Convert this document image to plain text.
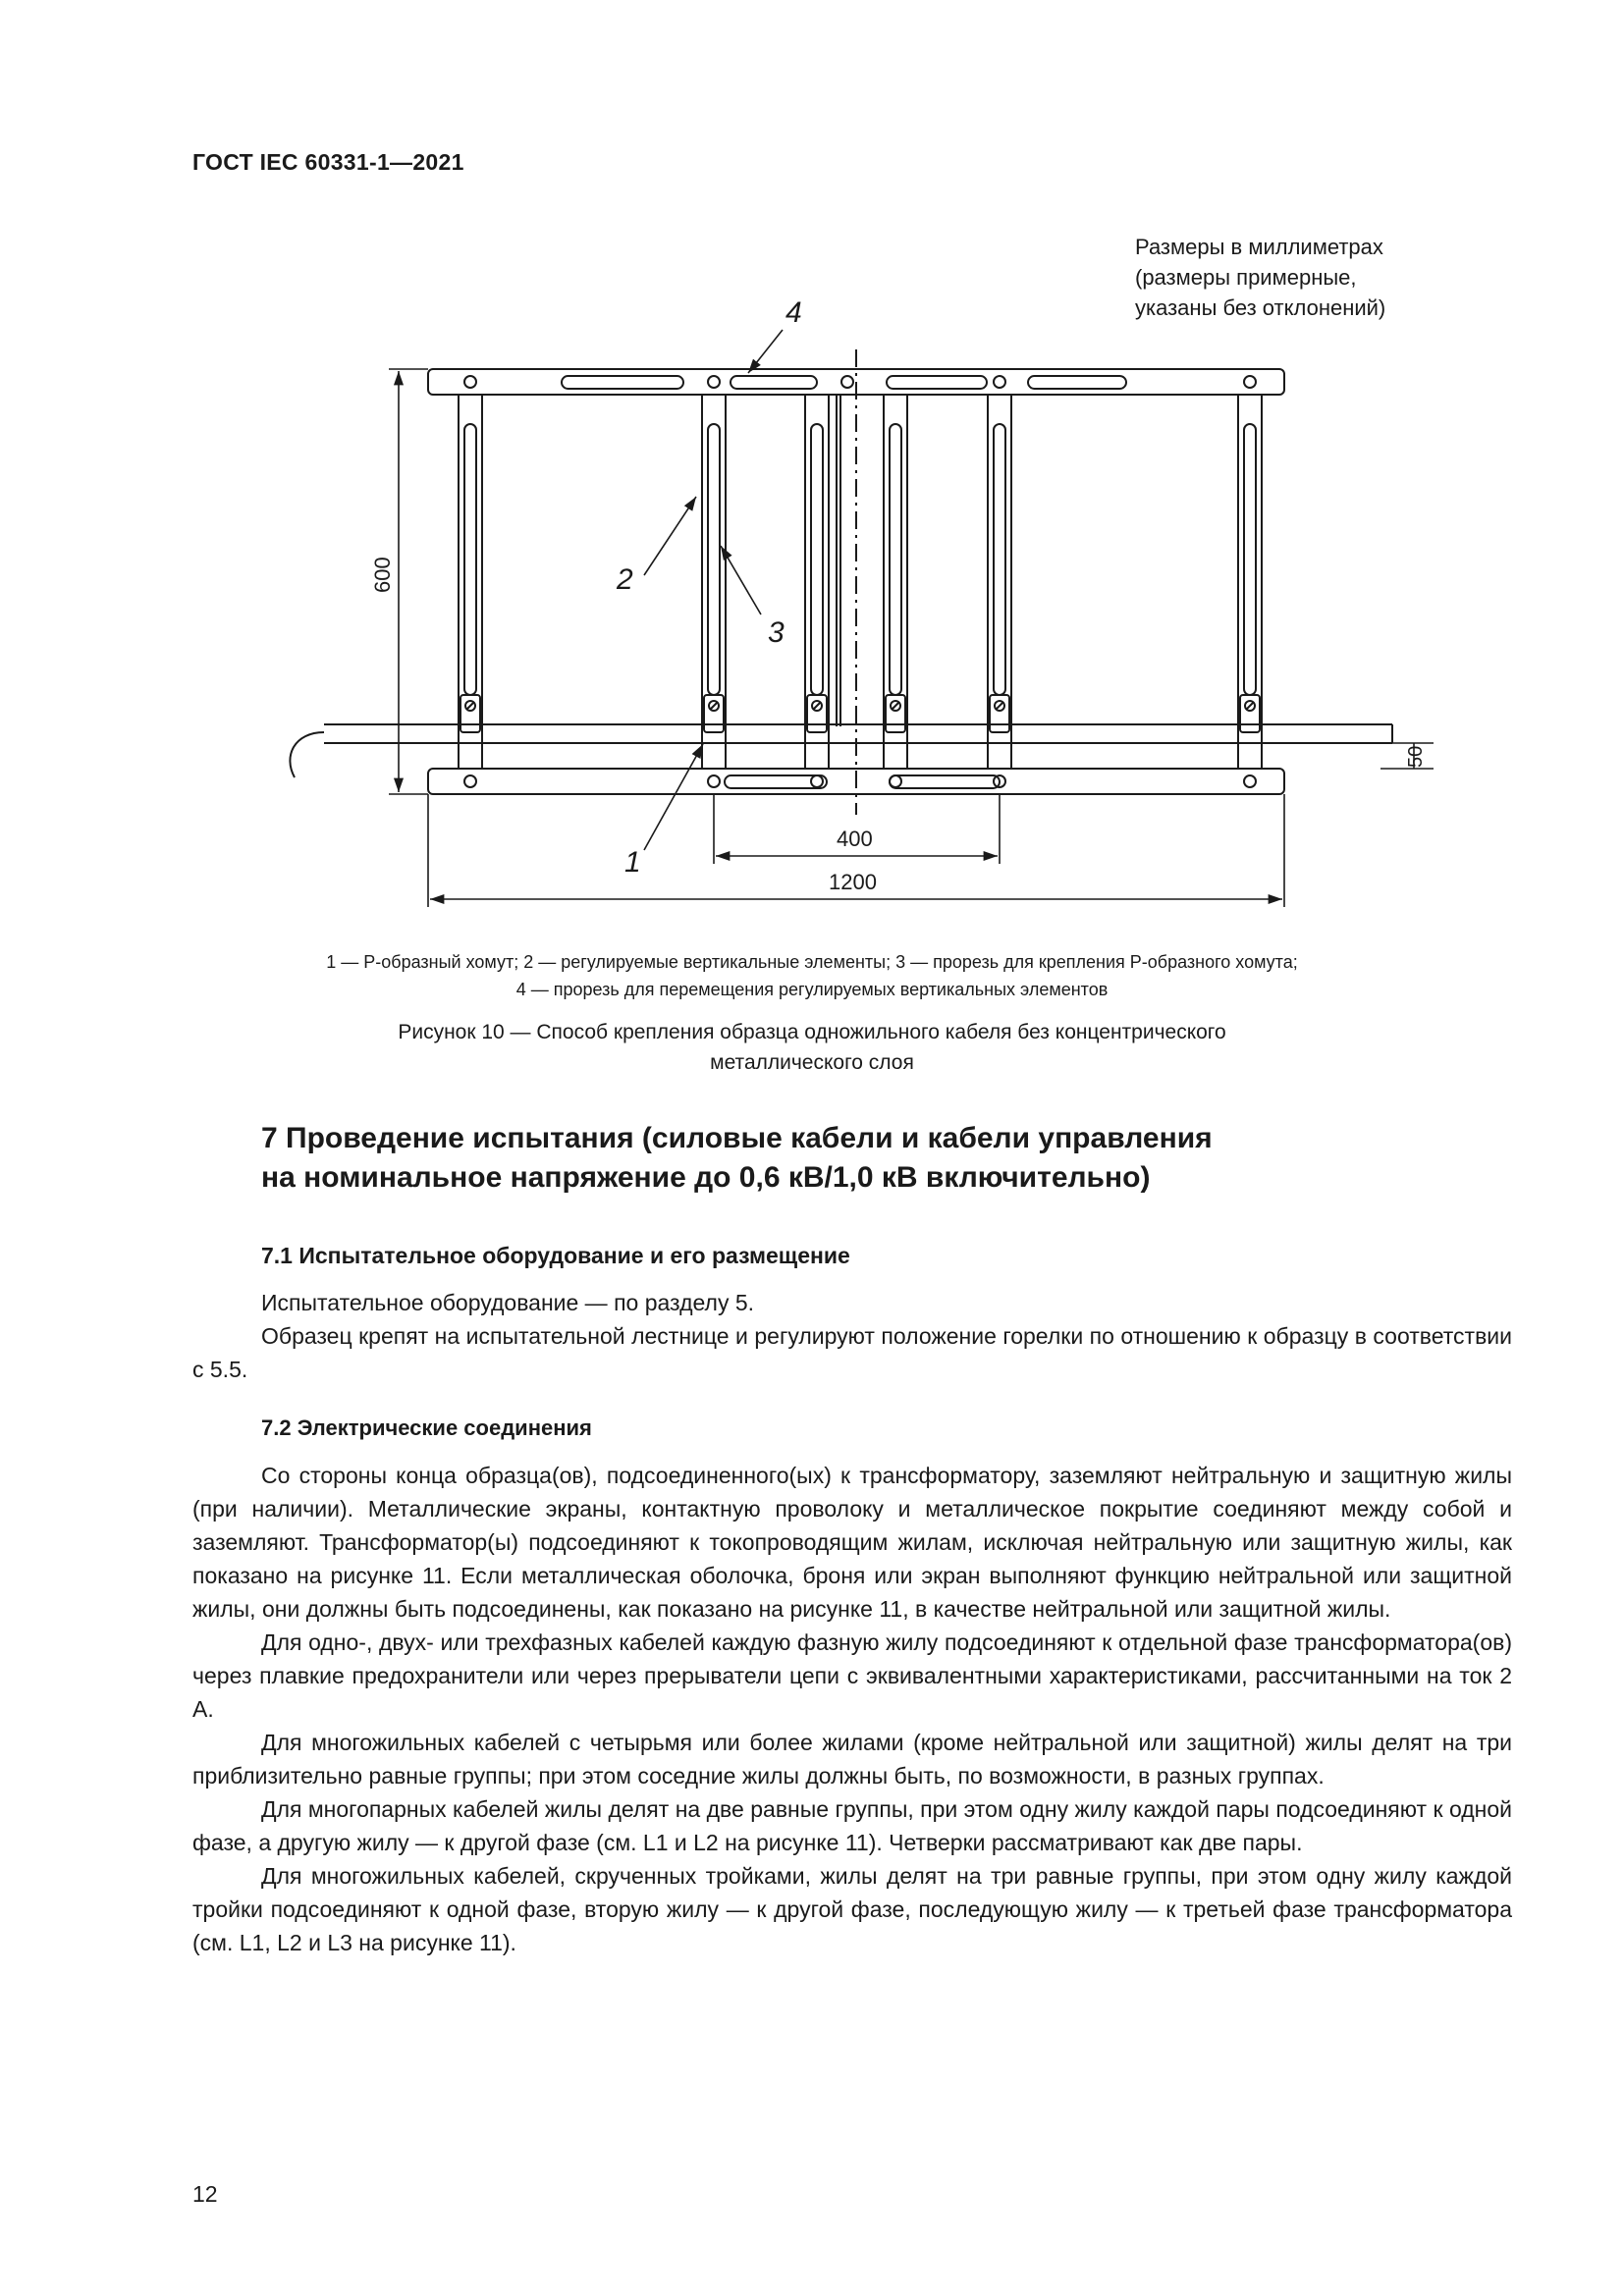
ГОСТ IEC 60331-1—2021
Размеры в миллиметрах
(размеры примерные,
указаны без отклонений)
600
50
400
1200
4
2
3
1
1 — Р-образный хомут; 2 — регулируемые вертикальные элементы; 3 — прорезь для крепления Р-образного хомута;
4 — прорезь для перемещения регулируемых вертикальных элементов
Рисунок 10 — Способ крепления образца одножильного кабеля без концентрического
металлического слоя
7 Проведение испытания (силовые кабели и кабели управления
на номинальное напряжение до 0,6 кВ/1,0 кВ включительно)
7.1 Испытательное оборудование и его размещение

Испытательное оборудование — по разделу 5.

Образец крепят на испытательной лестнице и регулируют положение горелки по отношению к образцу в соответствии с 5.5.

7.2 Электрические соединения

Со стороны конца образца(ов), подсоединенного(ых) к трансформатору, заземляют нейтральную и защитную жилы (при наличии). Металлические экраны, контактную проволоку и металлическое покрытие соединяют между собой и заземляют. Трансформатор(ы) подсоединяют к токопроводящим жилам, исключая нейтральную или защитную жилы, как показано на рисунке 11. Если металлическая оболочка, броня или экран выполняют функцию нейтральной или защитной жилы, они должны быть подсоединены, как показано на рисунке 11, в качестве нейтральной или защитной жилы.

Для одно-, двух- или трехфазных кабелей каждую фазную жилу подсоединяют к отдельной фазе трансформатора(ов) через плавкие предохранители или через прерыватели цепи с эквивалентными характеристиками, рассчитанными на ток 2 А.

Для многожильных кабелей с четырьмя или более жилами (кроме нейтральной или защитной) жилы делят на три приблизительно равные группы; при этом соседние жилы должны быть, по возможности, в разных группах.

Для многопарных кабелей жилы делят на две равные группы, при этом одну жилу каждой пары подсоединяют к одной фазе, а другую жилу — к другой фазе (см. L1 и L2 на рисунке 11). Четверки рассматривают как две пары.

Для многожильных кабелей, скрученных тройками, жилы делят на три равные группы, при этом одну жилу каждой тройки подсоединяют к одной фазе, вторую жилу — к другой фазе, последующую жилу — к третьей фазе трансформатора (см. L1, L2 и L3 на рисунке 11).

12
